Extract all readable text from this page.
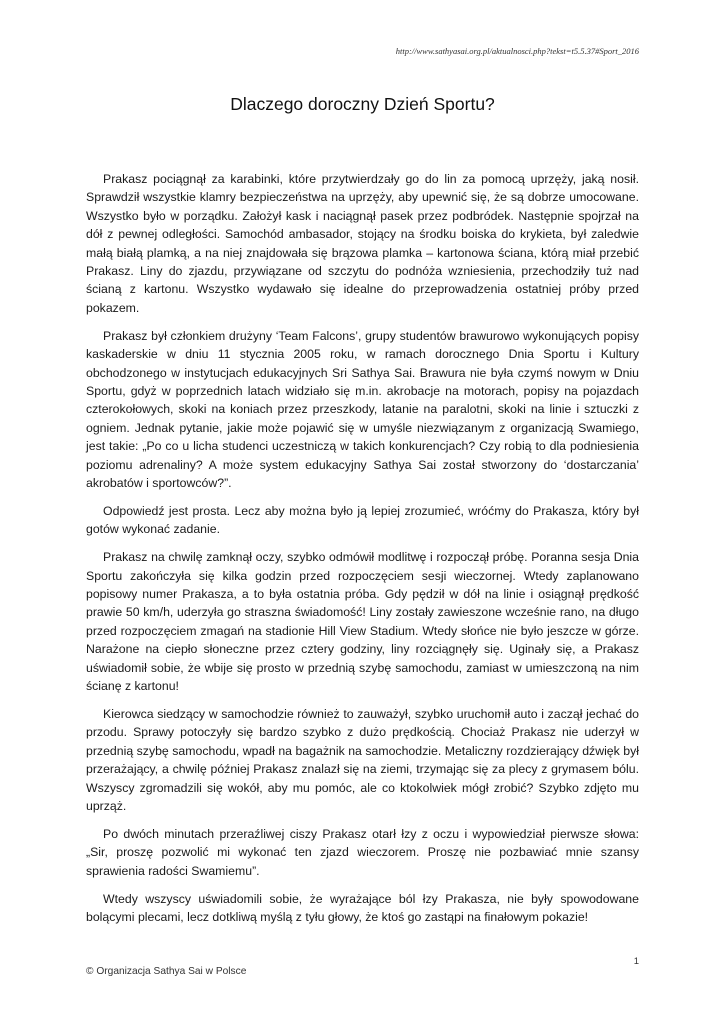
http://www.sathyasai.org.pl/aktualnosci.php?tekst=t5.5.37#Sport_2016
Dlaczego doroczny Dzień Sportu?

Prakasz pociągnął za karabinki, które przytwierdzały go do lin za pomocą uprzęży, jaką nosił. Sprawdził wszystkie klamry bezpieczeństwa na uprzęży, aby upewnić się, że są dobrze umocowane. Wszystko było w porządku. Założył kask i naciągnął pasek przez podbródek. Następnie spojrzał na dół z pewnej odległości. Samochód ambasador, stojący na środku boiska do krykieta, był zaledwie małą białą plamką, a na niej znajdowała się brązowa plamka – kartonowa ściana, którą miał przebić Prakasz. Liny do zjazdu, przywiązane od szczytu do podnóża wzniesienia, przechodziły tuż nad ścianą z kartonu. Wszystko wydawało się idealne do przeprowadzenia ostatniej próby przed pokazem.

Prakasz był członkiem drużyny ‘Team Falcons’, grupy studentów brawurowo wykonujących popisy kaskaderskie w dniu 11 stycznia 2005 roku, w ramach dorocznego Dnia Sportu i Kultury obchodzonego w instytucjach edukacyjnych Sri Sathya Sai. Brawura nie była czymś nowym w Dniu Sportu, gdyż w poprzednich latach widziało się m.in. akrobacje na motorach, popisy na pojazdach czterokołowych, skoki na koniach przez przeszkody, latanie na paralotni, skoki na linie i sztuczki z ogniem. Jednak pytanie, jakie może pojawić się w umyśle niezwiązanym z organizacją Swamiego, jest takie: „Po co u licha studenci uczestniczą w takich konkurencjach? Czy robią to dla podniesienia poziomu adrenaliny? A może system edukacyjny Sathya Sai został stworzony do ‘dostarczania’ akrobatów i sportowców?”.

Odpowiedź jest prosta. Lecz aby można było ją lepiej zrozumieć, wróćmy do Prakasza, który był gotów wykonać zadanie.

Prakasz na chwilę zamknął oczy, szybko odmówił modlitwę i rozpoczął próbę. Poranna sesja Dnia Sportu zakończyła się kilka godzin przed rozpoczęciem sesji wieczornej. Wtedy zaplanowano popisowy numer Prakasza, a to była ostatnia próba. Gdy pędził w dół na linie i osiągnął prędkość prawie 50 km/h, uderzyła go straszna świadomość! Liny zostały zawieszone wcześnie rano, na długo przed rozpoczęciem zmagań na stadionie Hill View Stadium. Wtedy słońce nie było jeszcze w górze. Narażone na ciepło słoneczne przez cztery godziny, liny rozciągnęły się. Uginały się, a Prakasz uświadomił sobie, że wbije się prosto w przednią szybę samochodu, zamiast w umieszczoną na nim ścianę z kartonu!

Kierowca siedzący w samochodzie również to zauważył, szybko uruchomił auto i zaczął jechać do przodu. Sprawy potoczyły się bardzo szybko z dużo prędkością. Chociaż Prakasz nie uderzył w przednią szybę samochodu, wpadł na bagażnik na samochodzie. Metaliczny rozdzierający dźwięk był przerażający, a chwilę później Prakasz znalazł się na ziemi, trzymając się za plecy z grymasem bólu. Wszyscy zgromadzili się wokół, aby mu pomóc, ale co ktokolwiek mógł zrobić? Szybko zdjęto mu uprząż.

Po dwóch minutach przeraźliwej ciszy Prakasz otarł łzy z oczu i wypowiedział pierwsze słowa: „Sir, proszę pozwolić mi wykonać ten zjazd wieczorem. Proszę nie pozbawiać mnie szansy sprawienia radości Swamiemu”.

Wtedy wszyscy uświadomili sobie, że wyrażające ból łzy Prakasza, nie były spowodowane bolącymi plecami, lecz dotkliwą myślą z tyłu głowy, że ktoś go zastąpi na finałowym pokazie!

1
© Organizacja Sathya Sai w Polsce
